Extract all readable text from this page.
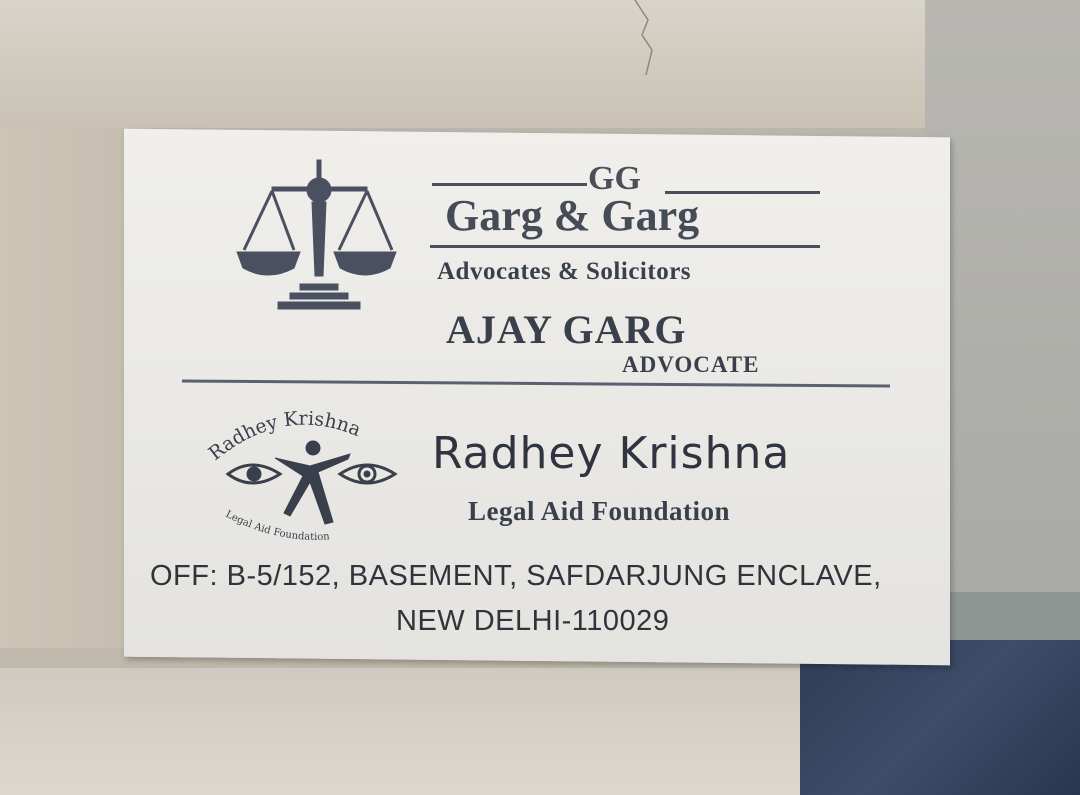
GG
Garg & Garg
Advocates & Solicitors
AJAY GARG
ADVOCATE
Radhey Krishna
Legal Aid Foundation
Radhey Krishna
Legal Aid Foundation
OFF: B-5/152, BASEMENT, SAFDARJUNG ENCLAVE,
NEW DELHI-110029
